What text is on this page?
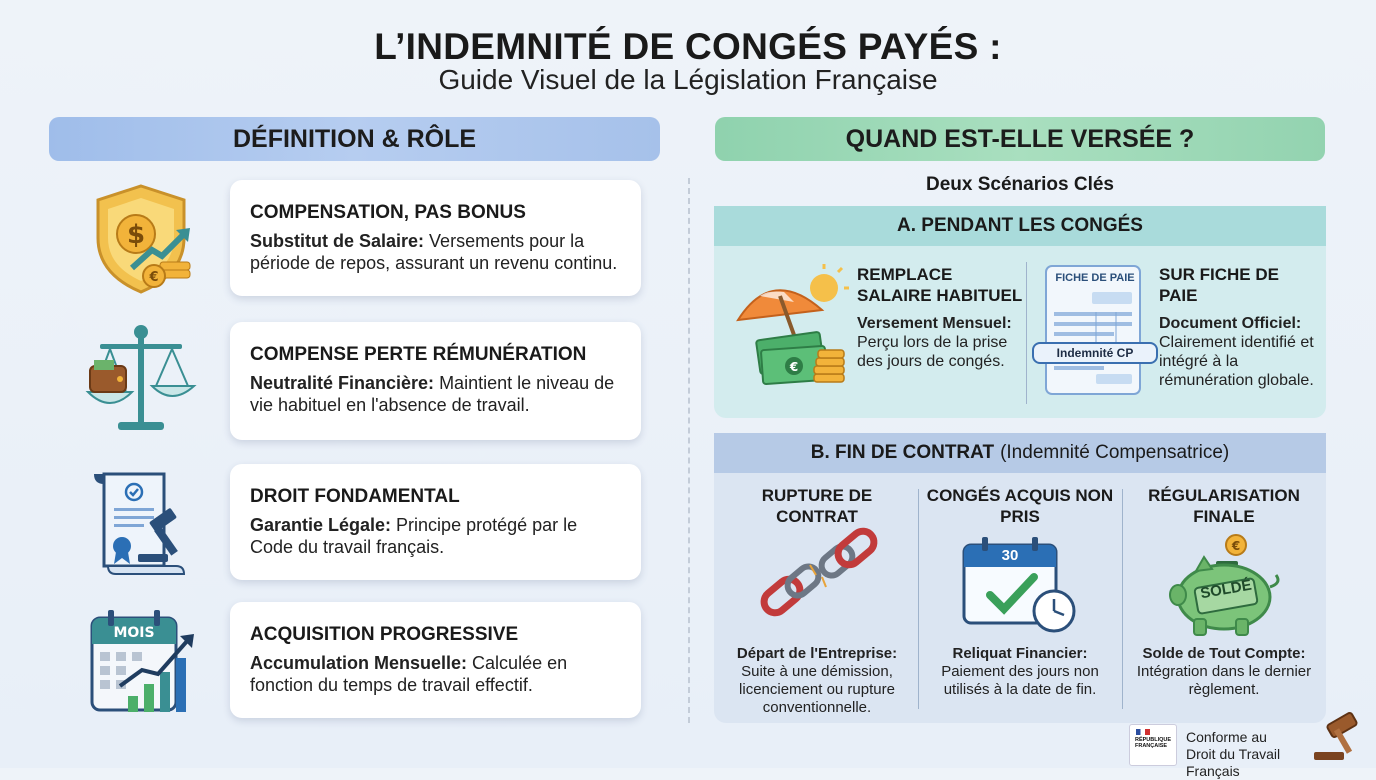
L’INDEMNITÉ DE CONGÉS PAYÉS :
Guide Visuel de la Législation Française
DÉFINITION & RÔLE
$
€
COMPENSATION, PAS BONUS
Substitut de Salaire: Versements pour la période de repos, assurant un revenu continu.
COMPENSE PERTE RÉMUNÉRATION
Neutralité Financière: Maintient le niveau de vie habituel en l'absence de travail.
DROIT FONDAMENTAL
Garantie Légale: Principe protégé par le Code du travail français.
MOIS	ACQUISITION PROGRESSIVE
Accumulation Mensuelle: Calculée en fonction du temps de travail effectif.
QUAND EST-ELLE VERSÉE ?
Deux Scénarios Clés
A. PENDANT LES CONGÉS
€
REMPLACE SALAIRE HABITUEL
Versement Mensuel:
Perçu lors de la prise des jours de congés.
FICHE DE PAIE
Indemnité CP
SUR FICHE DE PAIE
Document Officiel:
Clairement identifié et intégré à la rémunération globale.
B. FIN DE CONTRAT (Indemnité Compensatrice)
RUPTURE DE CONTRAT
Départ de l'Entreprise:
Suite à une démission, licenciement ou rupture conventionnelle.
CONGÉS ACQUIS NON PRIS
30
Reliquat Financier:
Paiement des jours non utilisés à la date de fin.
RÉGULARISATION FINALE
€
SOLDÉ
Solde de Tout Compte:
Intégration dans le dernier règlement.
RÉPUBLIQUE FRANÇAISE
Conforme au Droit du Travail Français
